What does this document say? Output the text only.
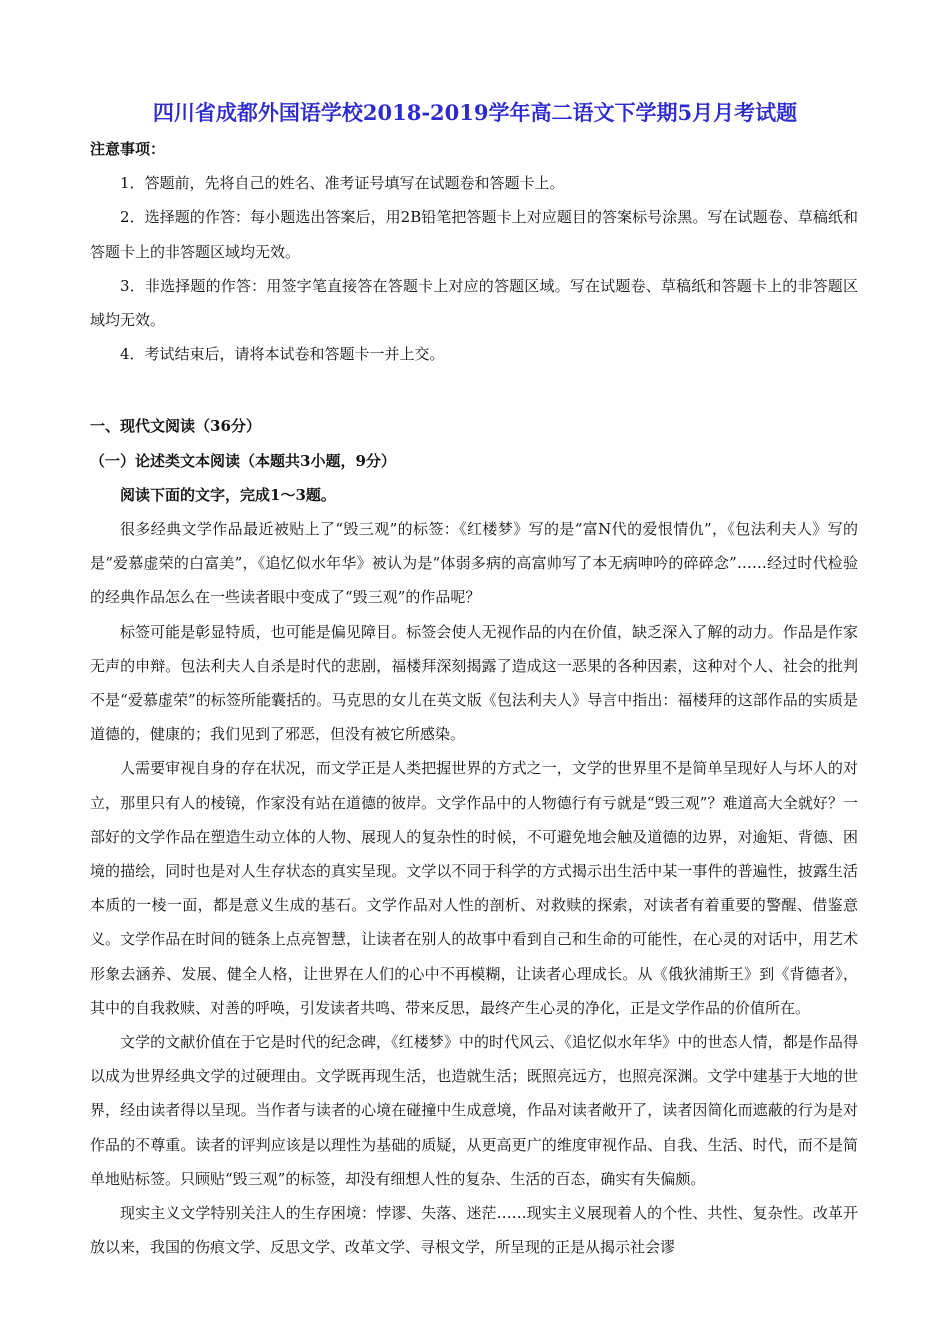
四川省成都外国语学校2018-2019学年高二语文下学期5月月考试题

注意事项：

1．答题前，先将自己的姓名、准考证号填写在试题卷和答题卡上。

2．选择题的作答：每小题选出答案后，用2B铅笔把答题卡上对应题目的答案标号涂黑。写在试题卷、草稿纸和答题卡上的非答题区域均无效。

3．非选择题的作答：用签字笔直接答在答题卡上对应的答题区域。写在试题卷、草稿纸和答题卡上的非答题区域均无效。

4．考试结束后，请将本试卷和答题卡一并上交。

一、现代文阅读（36分）

（一）论述类文本阅读（本题共3小题，9分）

阅读下面的文字，完成1～3题。

很多经典文学作品最近被贴上了“毁三观”的标签：《红楼梦》写的是“富N代的爱恨情仇”，《包法利夫人》写的是“爱慕虚荣的白富美”，《追忆似水年华》被认为是“体弱多病的高富帅写了本无病呻吟的碎碎念”……经过时代检验的经典作品怎么在一些读者眼中变成了“毁三观”的作品呢？

标签可能是彰显特质，也可能是偏见障目。标签会使人无视作品的内在价值，缺乏深入了解的动力。作品是作家无声的申辩。包法利夫人自杀是时代的悲剧，福楼拜深刻揭露了造成这一恶果的各种因素，这种对个人、社会的批判不是“爱慕虚荣”的标签所能囊括的。马克思的女儿在英文版《包法利夫人》导言中指出：福楼拜的这部作品的实质是道德的，健康的；我们见到了邪恶，但没有被它所感染。

人需要审视自身的存在状况，而文学正是人类把握世界的方式之一，文学的世界里不是简单呈现好人与坏人的对立，那里只有人的棱镜，作家没有站在道德的彼岸。文学作品中的人物德行有亏就是“毁三观”？难道高大全就好？一部好的文学作品在塑造生动立体的人物、展现人的复杂性的时候，不可避免地会触及道德的边界，对逾矩、背德、困境的描绘，同时也是对人生存状态的真实呈现。文学以不同于科学的方式揭示出生活中某一事件的普遍性，披露生活本质的一棱一面，都是意义生成的基石。文学作品对人性的剖析、对救赎的探索，对读者有着重要的警醒、借鉴意义。文学作品在时间的链条上点亮智慧，让读者在别人的故事中看到自己和生命的可能性，在心灵的对话中，用艺术形象去涵养、发展、健全人格，让世界在人们的心中不再模糊，让读者心理成长。从《俄狄浦斯王》到《背德者》，其中的自我救赎、对善的呼唤，引发读者共鸣、带来反思，最终产生心灵的净化，正是文学作品的价值所在。

文学的文献价值在于它是时代的纪念碑，《红楼梦》中的时代风云、《追忆似水年华》中的世态人情，都是作品得以成为世界经典文学的过硬理由。文学既再现生活，也造就生活；既照亮远方，也照亮深渊。文学中建基于大地的世界，经由读者得以呈现。当作者与读者的心境在碰撞中生成意境，作品对读者敞开了，读者因简化而遮蔽的行为是对作品的不尊重。读者的评判应该是以理性为基础的质疑，从更高更广的维度审视作品、自我、生活、时代，而不是简单地贴标签。只顾贴“毁三观”的标签，却没有细想人性的复杂、生活的百态，确实有失偏颇。

现实主义文学特别关注人的生存困境：悖谬、失落、迷茫……现实主义展现着人的个性、共性、复杂性。改革开放以来，我国的伤痕文学、反思文学、改革文学、寻根文学，所呈现的正是从揭示社会谬
